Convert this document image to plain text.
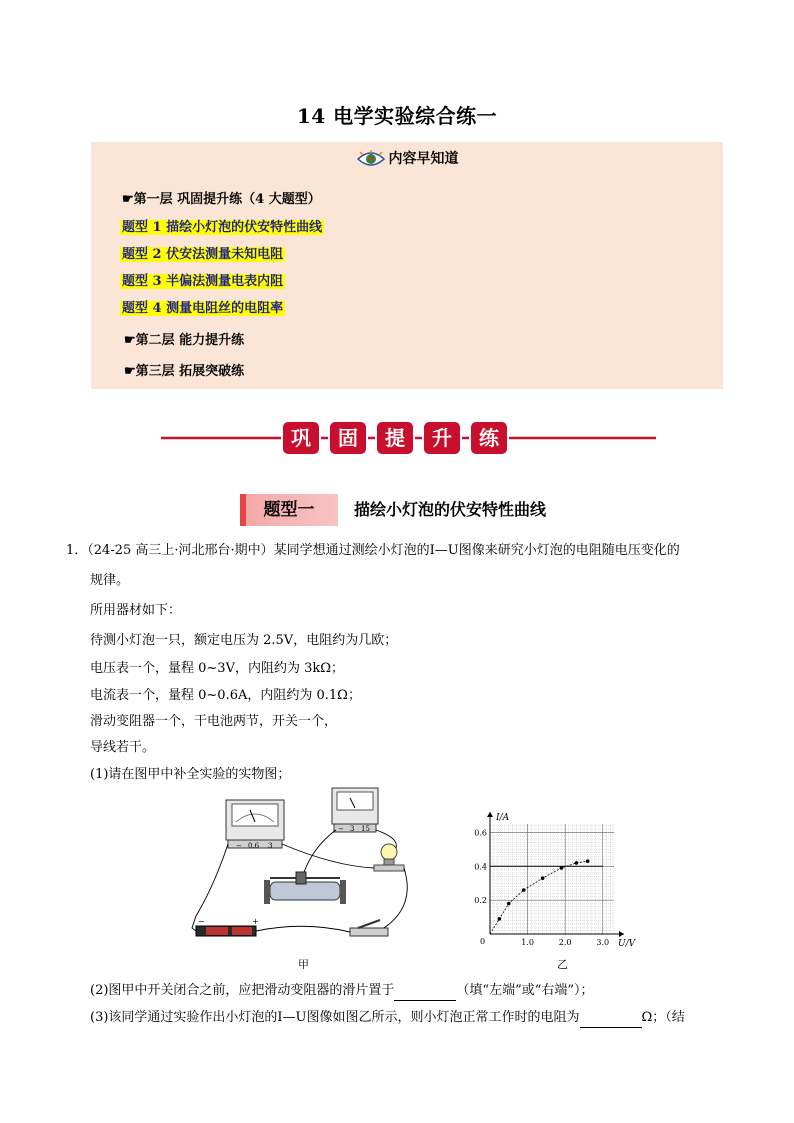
14 电学实验综合练一
内容早知道
☛第一层 巩固提升练（4 大题型）
☛第二层 能力提升练
☛第三层 拓展突破练
题型 1 描绘小灯泡的伏安特性曲线
题型 2 伏安法测量未知电阻
题型 3 半偏法测量电表内阻
题型 4 测量电阻丝的电阻率
巩 固 提 升 练
题型一	描绘小灯泡的伏安特性曲线
1．（24-25 高三上·河北邢台·期中）某同学想通过测绘小灯泡的I—U图像来研究小灯泡的电阻随电压变化的
规律。
所用器材如下：
待测小灯泡一只，额定电压为 2.5V，电阻约为几欧；
电压表一个，量程 0~3V，内阻约为 3kΩ；
电流表一个，量程 0~0.6A，内阻约为 0.1Ω；
滑动变阻器一个，干电池两节，开关一个，
导线若干。
(1)请在图甲中补全实验的实物图；
− 0.6 3
− 3 15
−	+
甲
U/V
I/A
0	1.0	2.0	3.0
0.2
0.4
0.6
乙
(2)图甲中开关闭合之前，应把滑动变阻器的滑片置于	（填“左端”或“右端”）；
(3)该同学通过实验作出小灯泡的I—U图像如图乙所示，则小灯泡正常工作时的电阻为	Ω；（结
